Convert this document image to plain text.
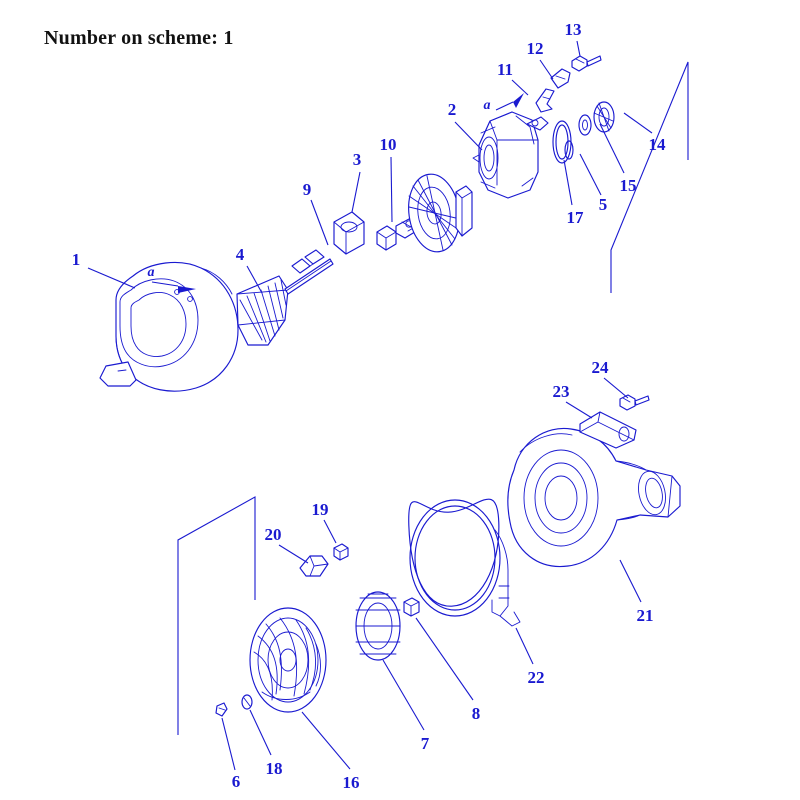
Number on scheme: 1
1
2
3
4
5
6
7
8
9
10
11
12
13
14
15
16
17
18
19
20
21
22
23
24
a
a
